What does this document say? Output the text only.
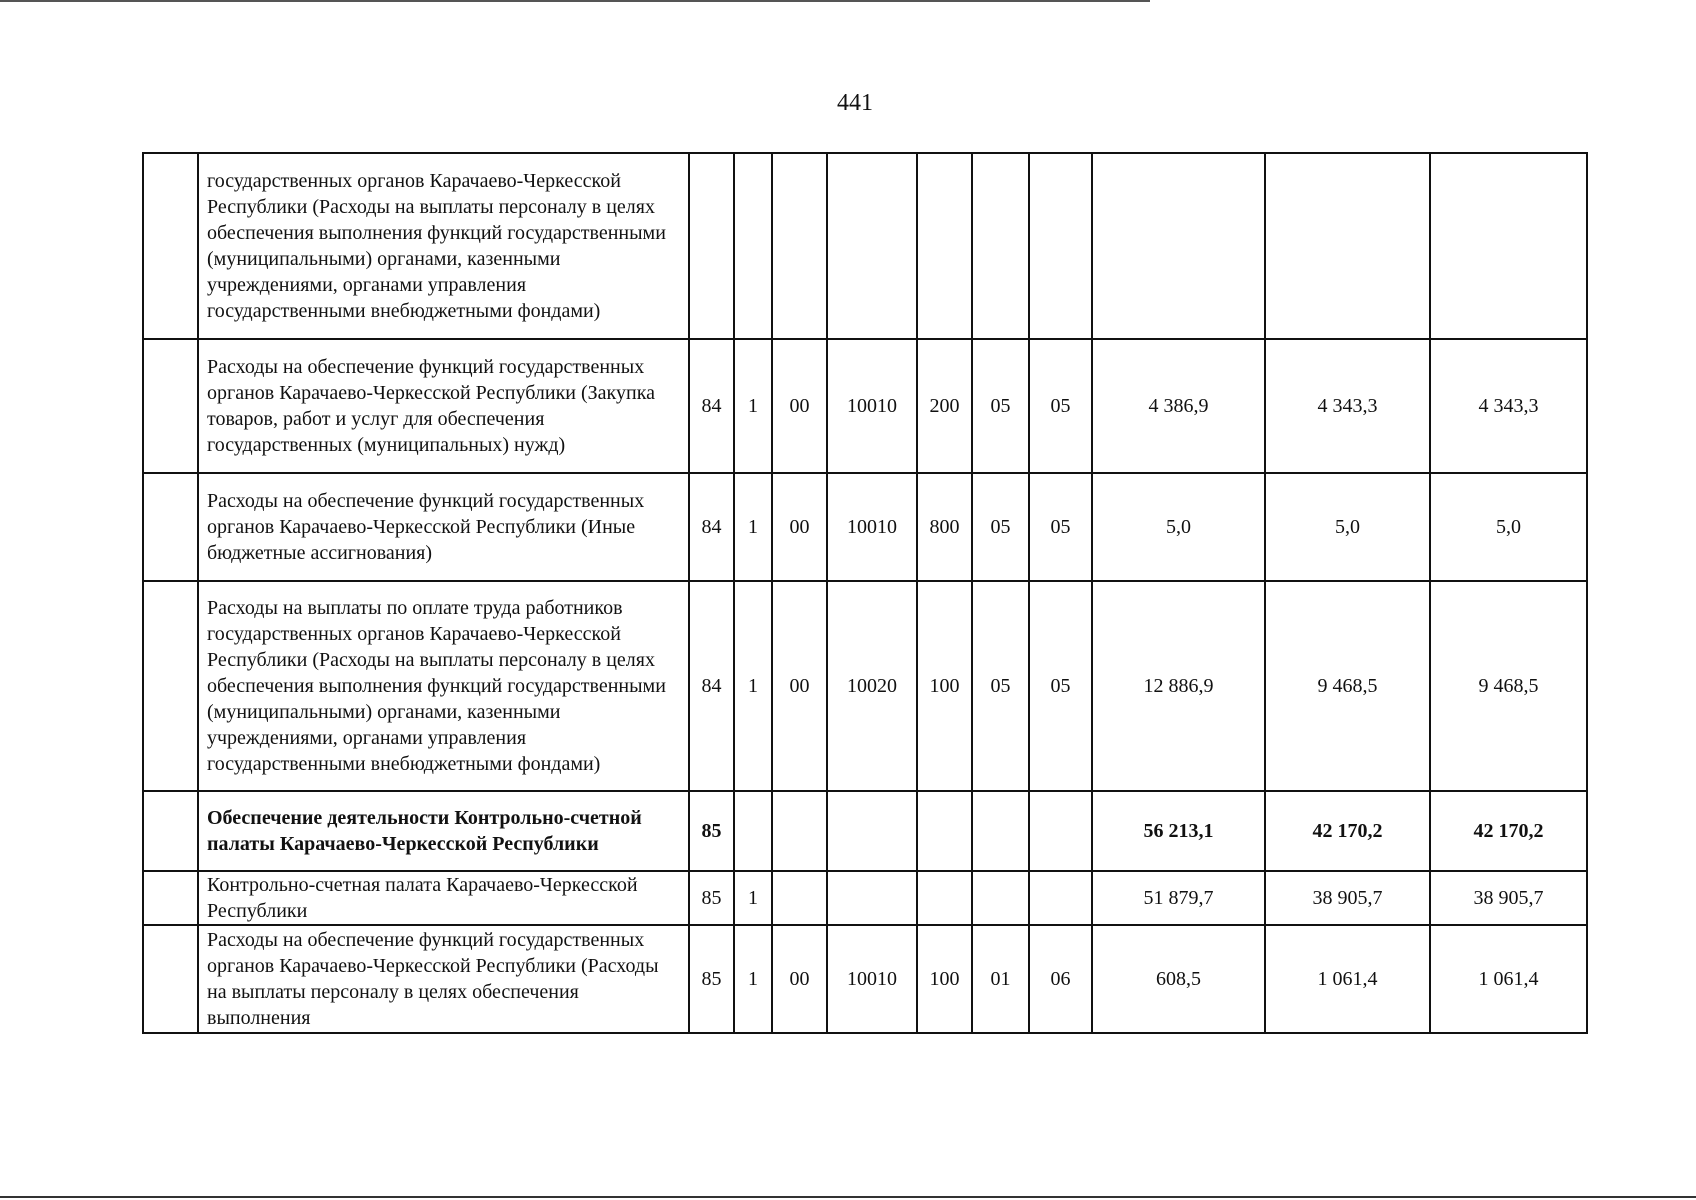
441
	государственных органов Карачаево-Черкесской Республики (Расходы на выплаты персоналу в целях обеспечения выполнения функций государственными (муниципальными) органами, казенными учреждениями, органами управления государственными внебюджетными фондами)										
	Расходы на обеспечение функций государственных органов Карачаево-Черкесской Республики (Закупка товаров, работ и услуг для обеспечения государственных (муниципальных) нужд)	84	1	00	10010	200	05	05	4 386,9	4 343,3	4 343,3
	Расходы на обеспечение функций государственных органов Карачаево-Черкесской Республики (Иные бюджетные ассигнования)	84	1	00	10010	800	05	05	5,0	5,0	5,0
	Расходы на выплаты по оплате труда работников государственных органов Карачаево-Черкесской Республики (Расходы на выплаты персоналу в целях обеспечения выполнения функций государственными (муниципальными) органами, казенными учреждениями, органами управления государственными внебюджетными фондами)	84	1	00	10020	100	05	05	12 886,9	9 468,5	9 468,5
	Обеспечение деятельности Контрольно-счетной палаты Карачаево-Черкесской Республики	85							56 213,1	42 170,2	42 170,2
	Контрольно-счетная палата Карачаево-Черкесской Республики	85	1						51 879,7	38 905,7	38 905,7
	Расходы на обеспечение функций государственных органов Карачаево-Черкесской Республики (Расходы на выплаты персоналу в целях обеспечения выполнения	85	1	00	10010	100	01	06	608,5	1 061,4	1 061,4
